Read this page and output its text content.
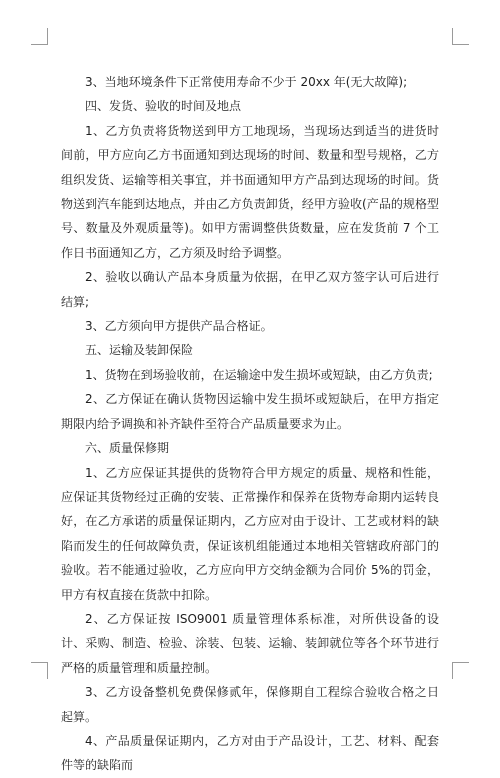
3、当地环境条件下正常使用寿命不少于 20xx 年(无大故障);

四、发货、验收的时间及地点

1、乙方负责将货物送到甲方工地现场，当现场达到适当的进货时间前，甲方应向乙方书面通知到达现场的时间、数量和型号规格，乙方组织发货、运输等相关事宜，并书面通知甲方产品到达现场的时间。货物送到汽车能到达地点，并由乙方负责卸货，经甲方验收(产品的规格型号、数量及外观质量等)。如甲方需调整供货数量，应在发货前 7 个工作日书面通知乙方，乙方须及时给予调整。

2、验收以确认产品本身质量为依据，在甲乙双方签字认可后进行结算;

3、乙方须向甲方提供产品合格证。

五、运输及装卸保险

1、货物在到场验收前，在运输途中发生损坏或短缺，由乙方负责;

2、乙方保证在确认货物因运输中发生损坏或短缺后，在甲方指定期限内给予调换和补齐缺件至符合产品质量要求为止。

六、质量保修期

1、乙方应保证其提供的货物符合甲方规定的质量、规格和性能，应保证其货物经过正确的安装、正常操作和保养在货物寿命期内运转良好，在乙方承诺的质量保证期内，乙方应对由于设计、工艺或材料的缺陷而发生的任何故障负责，保证该机组能通过本地相关管辖政府部门的验收。若不能通过验收，乙方应向甲方交纳金额为合同价 5%的罚金，甲方有权直接在货款中扣除。

2、乙方保证按 ISO9001 质量管理体系标准，对所供设备的设计、采购、制造、检验、涂装、包装、运输、装卸就位等各个环节进行严格的质量管理和质量控制。

3、乙方设备整机免费保修贰年，保修期自工程综合验收合格之日起算。

4、产品质量保证期内，乙方对由于产品设计，工艺、材料、配套件等的缺陷而
